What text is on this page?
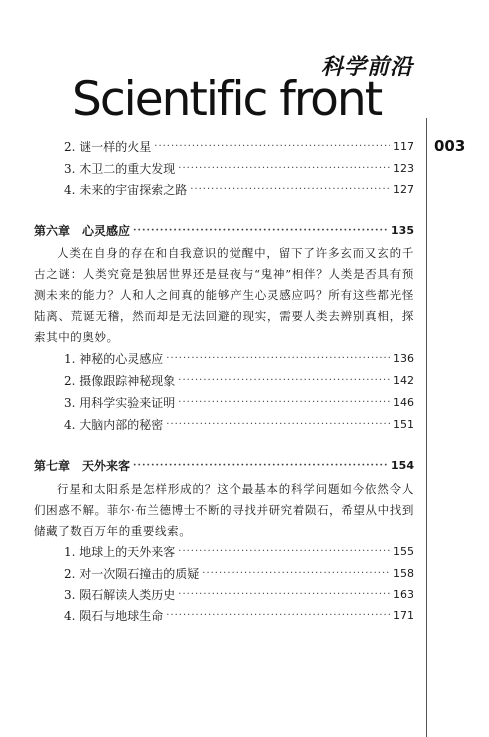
科学前沿
Scientific front
003
2. 谜一样的火星 ·····	117
3. 木卫二的重大发现 ·····	123
4. 未来的宇宙探索之路 ·····	127
第六章 心灵感应 ·····	135
人类在自身的存在和自我意识的觉醒中，留下了许多玄而又玄的千古之谜：人类究竟是独居世界还是昼夜与“鬼神”相伴？人类是否具有预测未来的能力？人和人之间真的能够产生心灵感应吗？所有这些都光怪陆离、荒诞无稽，然而却是无法回避的现实，需要人类去辨别真相，探索其中的奥妙。
1. 神秘的心灵感应 ·····	136
2. 摄像跟踪神秘现象 ·····	142
3. 用科学实验来证明 ·····	146
4. 大脑内部的秘密 ·····	151
第七章 天外来客 ·····	154
行星和太阳系是怎样形成的？这个最基本的科学问题如今依然令人们困惑不解。菲尔·布兰德博士不断的寻找并研究着陨石，希望从中找到储藏了数百万年的重要线索。
1. 地球上的天外来客 ·····	155
2. 对一次陨石撞击的质疑 ·····	158
3. 陨石解读人类历史 ·····	163
4. 陨石与地球生命 ·····	171
